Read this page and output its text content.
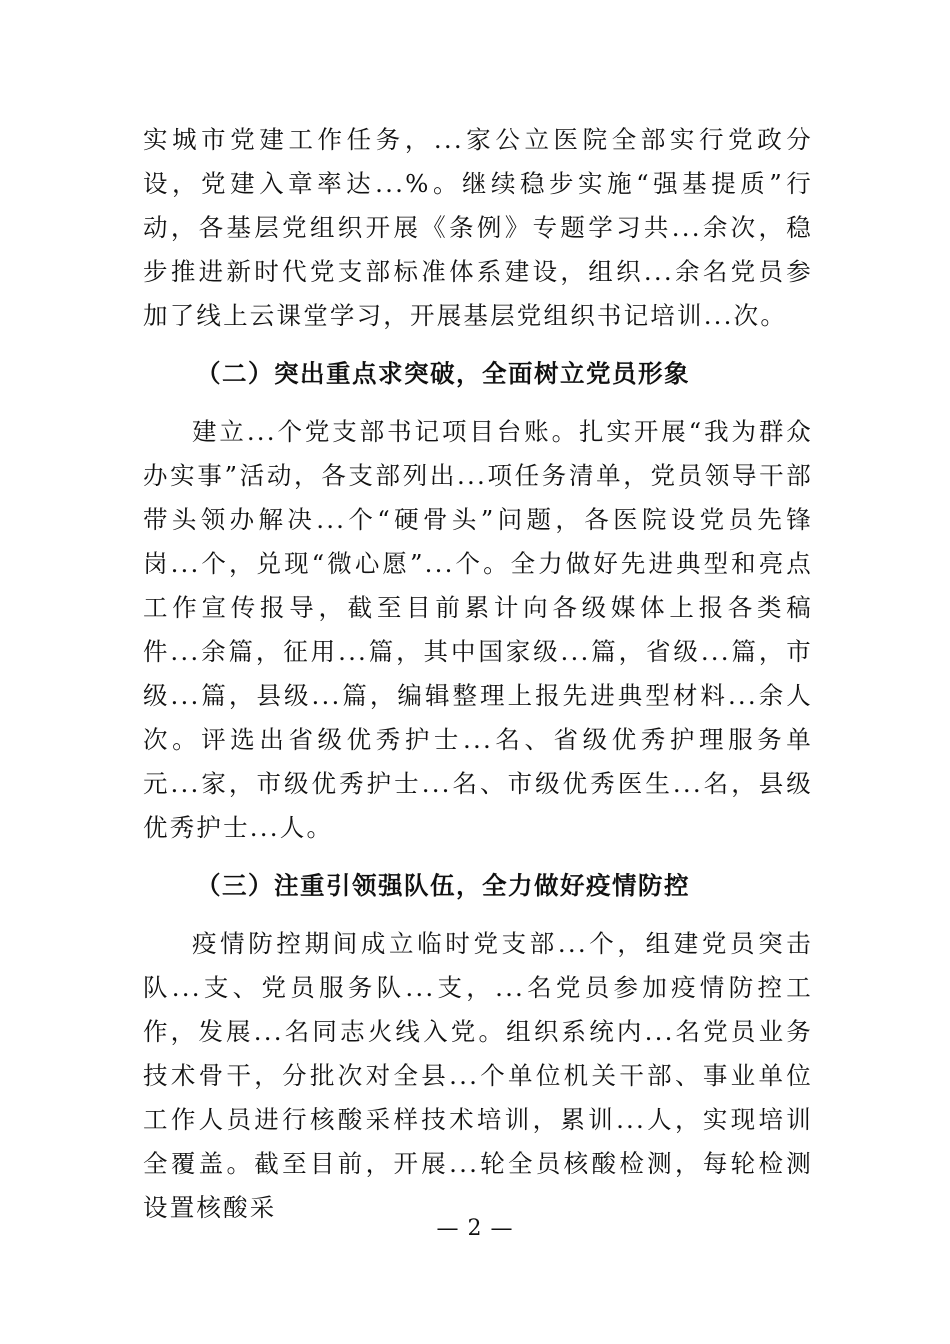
实城市党建工作任务，...家公立医院全部实行党政分设，党建入章率达...%。继续稳步实施“强基提质”行动，各基层党组织开展《条例》专题学习共...余次，稳步推进新时代党支部标准体系建设，组织...余名党员参加了线上云课堂学习，开展基层党组织书记培训...次。

（二）突出重点求突破，全面树立党员形象

建立...个党支部书记项目台账。扎实开展“我为群众办实事”活动，各支部列出...项任务清单，党员领导干部带头领办解决...个“硬骨头”问题，各医院设党员先锋岗...个，兑现“微心愿”...个。全力做好先进典型和亮点工作宣传报导，截至目前累计向各级媒体上报各类稿件...余篇，征用...篇，其中国家级...篇，省级...篇，市级...篇，县级...篇，编辑整理上报先进典型材料...余人次。评选出省级优秀护士...名、省级优秀护理服务单元...家，市级优秀护士...名、市级优秀医生...名，县级优秀护士...人。

（三）注重引领强队伍，全力做好疫情防控

疫情防控期间成立临时党支部...个，组建党员突击队...支、党员服务队...支，...名党员参加疫情防控工作，发展...名同志火线入党。组织系统内...名党员业务技术骨干，分批次对全县...个单位机关干部、事业单位工作人员进行核酸采样技术培训，累训...人，实现培训全覆盖。截至目前，开展...轮全员核酸检测，每轮检测设置核酸采

— 2 —
